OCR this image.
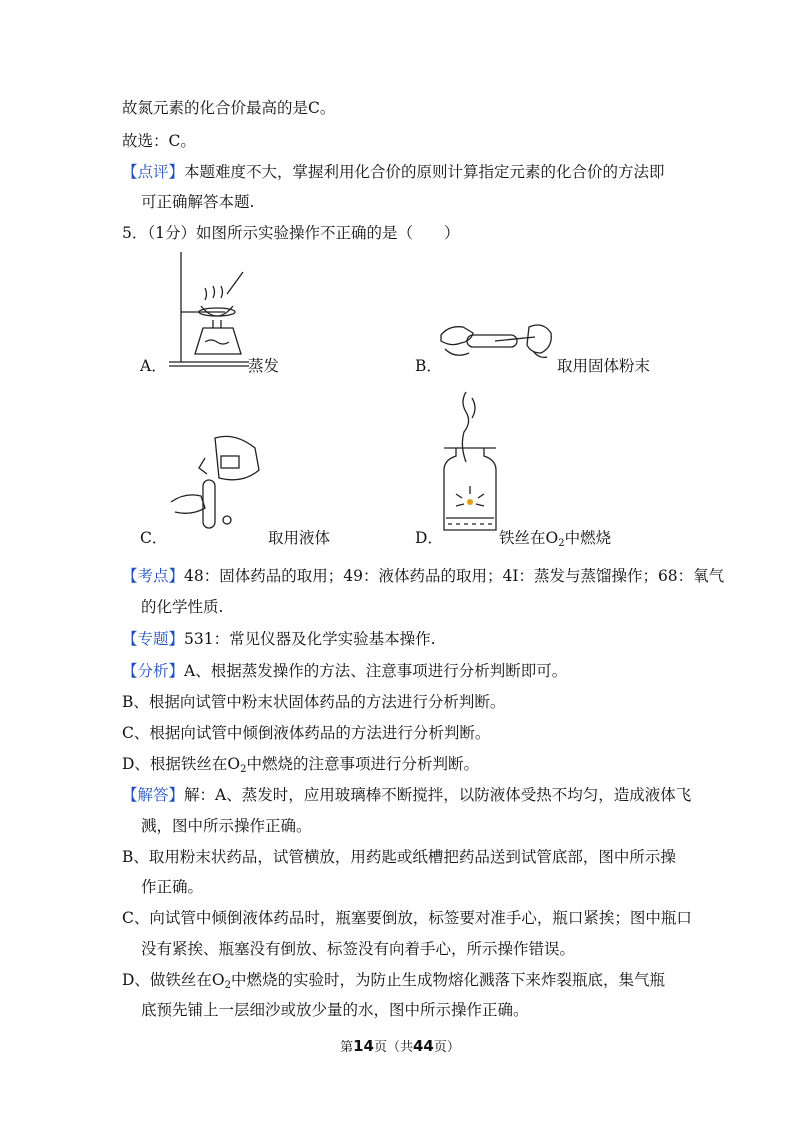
故氮元素的化合价最高的是C。
故选：C。
【点评】本题难度不大，掌握利用化合价的原则计算指定元素的化合价的方法即
可正确解答本题.
5．（1分）如图所示实验操作不正确的是（　　）
A．	蒸发	B．	取用固体粉末
C．	取用液体	D．	铁丝在$O_2$中燃烧
【考点】48：固体药品的取用；49：液体药品的取用；4I：蒸发与蒸馏操作；68：氧气
的化学性质.
【专题】531：常见仪器及化学实验基本操作.
【分析】A、根据蒸发操作的方法、注意事项进行分析判断即可。
B、根据向试管中粉末状固体药品的方法进行分析判断。
C、根据向试管中倾倒液体药品的方法进行分析判断。
D、根据铁丝在$O_2$中燃烧的注意事项进行分析判断。
【解答】解：A、蒸发时，应用玻璃棒不断搅拌，以防液体受热不均匀，造成液体飞
溅，图中所示操作正确。
B、取用粉末状药品，试管横放，用药匙或纸槽把药品送到试管底部，图中所示操
作正确。
C、向试管中倾倒液体药品时，瓶塞要倒放，标签要对准手心，瓶口紧挨；图中瓶口
没有紧挨、瓶塞没有倒放、标签没有向着手心，所示操作错误。
D、做铁丝在$O_2$中燃烧的实验时，为防止生成物熔化溅落下来炸裂瓶底，集气瓶
底预先铺上一层细沙或放少量的水，图中所示操作正确。
第14页（共44页）
